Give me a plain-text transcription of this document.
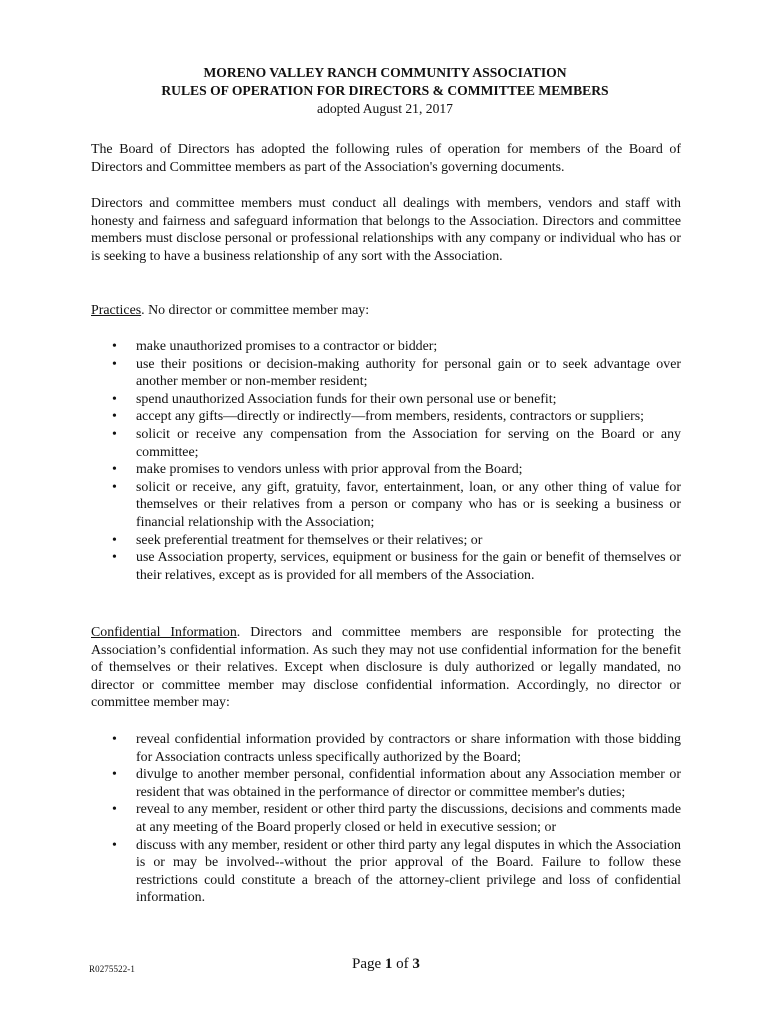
MORENO VALLEY RANCH COMMUNITY ASSOCIATION
RULES OF OPERATION FOR DIRECTORS & COMMITTEE MEMBERS
adopted August 21, 2017

The Board of Directors has adopted the following rules of operation for members of the Board of Directors and Committee members as part of the Association's governing documents.

Directors and committee members must conduct all dealings with members, vendors and staff with honesty and fairness and safeguard information that belongs to the Association. Directors and committee members must disclose personal or professional relationships with any company or individual who has or is seeking to have a business relationship of any sort with the Association.

Practices. No director or committee member may:

• make unauthorized promises to a contractor or bidder;
• use their positions or decision-making authority for personal gain or to seek advantage over another member or non-member resident;
• spend unauthorized Association funds for their own personal use or benefit;
• accept any gifts—directly or indirectly—from members, residents, contractors or suppliers;
• solicit or receive any compensation from the Association for serving on the Board or any committee;
• make promises to vendors unless with prior approval from the Board;
• solicit or receive, any gift, gratuity, favor, entertainment, loan, or any other thing of value for themselves or their relatives from a person or company who has or is seeking a business or financial relationship with the Association;
• seek preferential treatment for themselves or their relatives; or
• use Association property, services, equipment or business for the gain or benefit of themselves or their relatives, except as is provided for all members of the Association.

Confidential Information. Directors and committee members are responsible for protecting the Association’s confidential information. As such they may not use confidential information for the benefit of themselves or their relatives. Except when disclosure is duly authorized or legally mandated, no director or committee member may disclose confidential information. Accordingly, no director or committee member may:

• reveal confidential information provided by contractors or share information with those bidding for Association contracts unless specifically authorized by the Board;
• divulge to another member personal, confidential information about any Association member or resident that was obtained in the performance of director or committee member's duties;
• reveal to any member, resident or other third party the discussions, decisions and comments made at any meeting of the Board properly closed or held in executive session; or
• discuss with any member, resident or other third party any legal disputes in which the Association is or may be involved--without the prior approval of the Board. Failure to follow these restrictions could constitute a breach of the attorney-client privilege and loss of confidential information.
R0275522-1	Page 1 of 3
